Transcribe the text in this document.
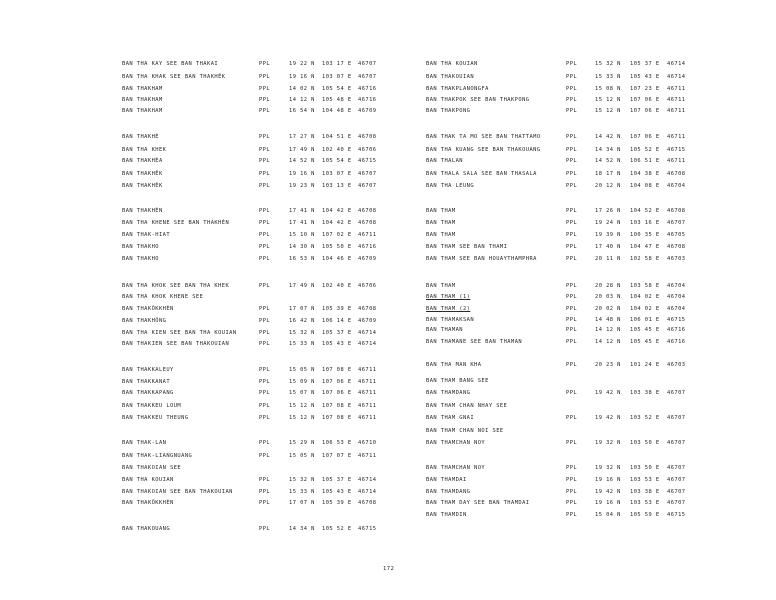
BAN THA KAY SEE BAN THAKAI	PPL	19 22 N 103 17 E 46707
BAN THA KHAK SEE BAN THAKHÊK	PPL	19 16 N 103 07 E 46707
BAN THAKHAM	PPL	14 02 N 105 54 E 46716
BAN THAKHAM	PPL	14 12 N 105 48 E 46716
BAN THAKHAM	PPL	16 54 N 104 48 E 46709
BAN THAKHÈ	PPL	17 27 N 104 51 E 46708
BAN THA KHEK	PPL	17 49 N 102 40 E 46706
BAN THAKHÈA	PPL	14 52 N 105 54 E 46715
BAN THAKHÊK	PPL	19 16 N 103 07 E 46707
BAN THAKHÊK	PPL	19 23 N 103 13 E 46707
BAN THAKHÈN	PPL	17 41 N 104 42 E 46708
BAN THA KHENE SEE BAN THAKHÈN	PPL	17 41 N 104 42 E 46708
BAN THAK-HIAT	PPL	15 10 N 107 02 E 46711
BAN THAKHO	PPL	14 30 N 105 50 E 46716
BAN THAKHO	PPL	16 53 N 104 46 E 46709
BAN THA KHOK SEE BAN THA KHEK	PPL	17 49 N 102 40 E 46706
BAN THA KHOK KHENE SEE
BAN THAKÔKKHÈN	PPL	17 07 N 105 39 E 46708
BAN THAKHÔNG	PPL	16 42 N 106 14 E 46709
BAN THA KIEN SEE BAN THA KOUIAN	PPL	15 32 N 105 37 E 46714
BAN THAKIEN SEE BAN THAKOUIAN	PPL	15 33 N 105 43 E 46714
BAN THAKKALEUY	PPL	15 05 N 107 08 E 46711
BAN THAKKANAT	PPL	15 09 N 107 06 E 46711
BAN THAKKAPANG	PPL	15 07 N 107 06 E 46711
BAN THAKKEU LOUM	PPL	15 12 N 107 08 E 46711
BAN THAKKEU THEUNG	PPL	15 12 N 107 08 E 46711
BAN THAK-LAN	PPL	15 29 N 106 53 E 46710
BAN THAK-LIANGNUANG	PPL	15 05 N 107 07 E 46711
BAN THAKOIAN SEE
BAN THA KOUIAN	PPL	15 32 N 105 37 E 46714
BAN THAKOIAN SEE BAN THAKOUIAN	PPL	15 33 N 105 43 E 46714
BAN THAKÔKKHÈN	PPL	17 07 N 105 39 E 46708
BAN THAKOUANG	PPL	14 34 N 105 52 E 46715
BAN THA KOUIAN	PPL	15 32 N 105 37 E 46714
BAN THAKOUIAN	PPL	15 33 N 105 43 E 46714
BAN THAKPLANONGFA	PPL	15 08 N 107 23 E 46711
BAN THAKPOK SEE BAN THAKPONG	PPL	15 12 N 107 06 E 46711
BAN THAKPONG	PPL	15 12 N 107 06 E 46711
BAN THAK TA MO SEE BAN THATTAMO	PPL	14 42 N 107 06 E 46711
BAN THA KUANG SEE BAN THAKOUANG	PPL	14 34 N 105 52 E 46715
BAN THALAN	PPL	14 52 N 106 51 E 46711
BAN THALA SALA SEE BAN THASALA	PPL	18 17 N 104 38 E 46708
BAN THA LEUNG	PPL	20 12 N 104 08 E 46704
BAN THAM	PPL	17 26 N 104 52 E 46708
BAN THAM	PPL	19 24 N 103 16 E 46707
BAN THAM	PPL	19 39 N 100 35 E 46705
BAN THAM SEE BAN THAMI	PPL	17 40 N 104 47 E 46708
BAN THAM SEE BAN HOUAYTHAMPHRA	PPL	20 11 N 102 58 E 46703
BAN THAM	PPL	20 28 N 103 58 E 46704
BAN THAM (1)	PPL	20 03 N 104 02 E 46704
BAN THAM (2)	PPL	20 02 N 104 02 E 46704
BAN THAMAKSAN	PPL	14 48 N 106 01 E 46715
BAN THAMAN	PPL	14 12 N 105 45 E 46716
BAN THAMANE SEE BAN THAMAN	PPL	14 12 N 105 45 E 46716
BAN THA MAN KHA	PPL	20 23 N 101 24 E 46703
BAN THAM BANG SEE
BAN THAMDANG	PPL	19 42 N 103 38 E 46707
BAN THAM CHAN NHAY SEE
BAN THAM GNAI	PPL	19 42 N 103 52 E 46707
BAN THAM CHAN NOI SEE
BAN THAMCHAN NOY	PPL	19 32 N 103 50 E 46707
BAN THAMCHAN NOY	PPL	19 32 N 103 50 E 46707
BAN THAMDAI	PPL	19 16 N 103 53 E 46707
BAN THAMDANG	PPL	19 42 N 103 38 E 46707
BAN THAM DAY SEE BAN THAMDAI	PPL	19 16 N 103 53 E 46707
BAN THAMDIN	PPL	15 04 N 105 59 E 46715
172
